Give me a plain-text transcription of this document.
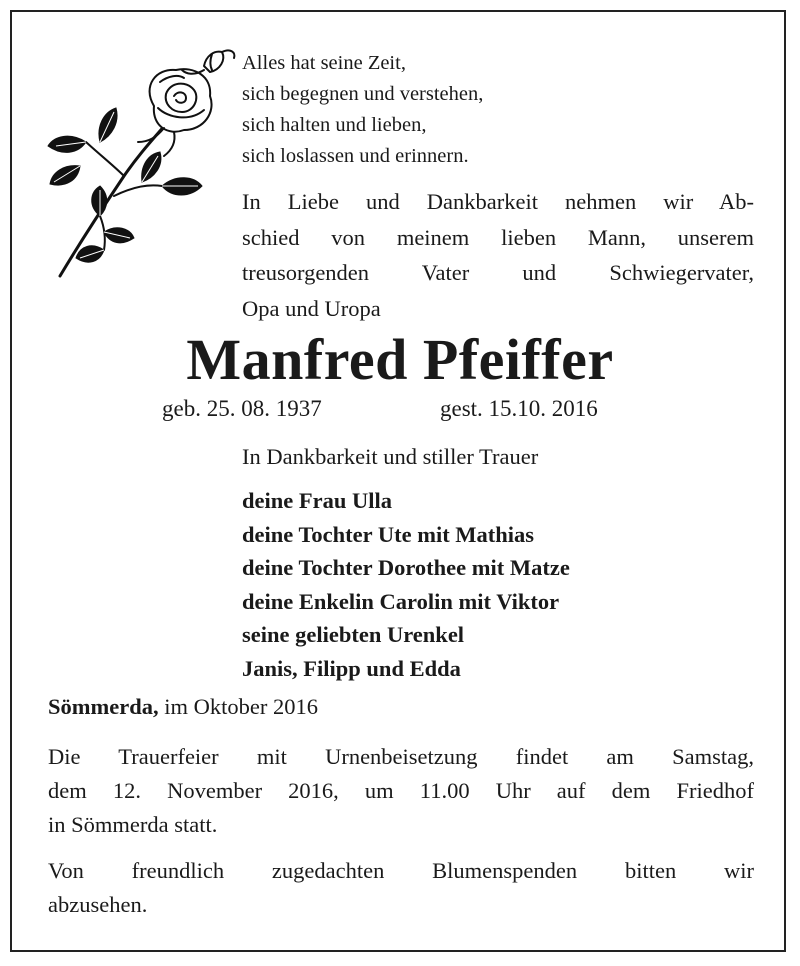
Alles hat seine Zeit,
sich begegnen und verstehen,
sich halten und lieben,
sich loslassen und erinnern.
In Liebe und Dankbarkeit nehmen wir Ab-
schied von meinem lieben Mann, unserem
treusorgenden Vater und Schwiegervater,
Opa und Uropa
Manfred Pfeiffer
geb. 25. 08. 1937	gest. 15.10. 2016
In Dankbarkeit und stiller Trauer
deine Frau Ulla
deine Tochter Ute mit Mathias
deine Tochter Dorothee mit Matze
deine Enkelin Carolin mit Viktor
seine geliebten Urenkel
Janis, Filipp und Edda
Sömmerda, im Oktober 2016
Die Trauerfeier mit Urnenbeisetzung findet am Samstag,
dem 12. November 2016, um 11.00 Uhr auf dem Friedhof
in Sömmerda statt.
Von freundlich zugedachten Blumenspenden bitten wir
abzusehen.
